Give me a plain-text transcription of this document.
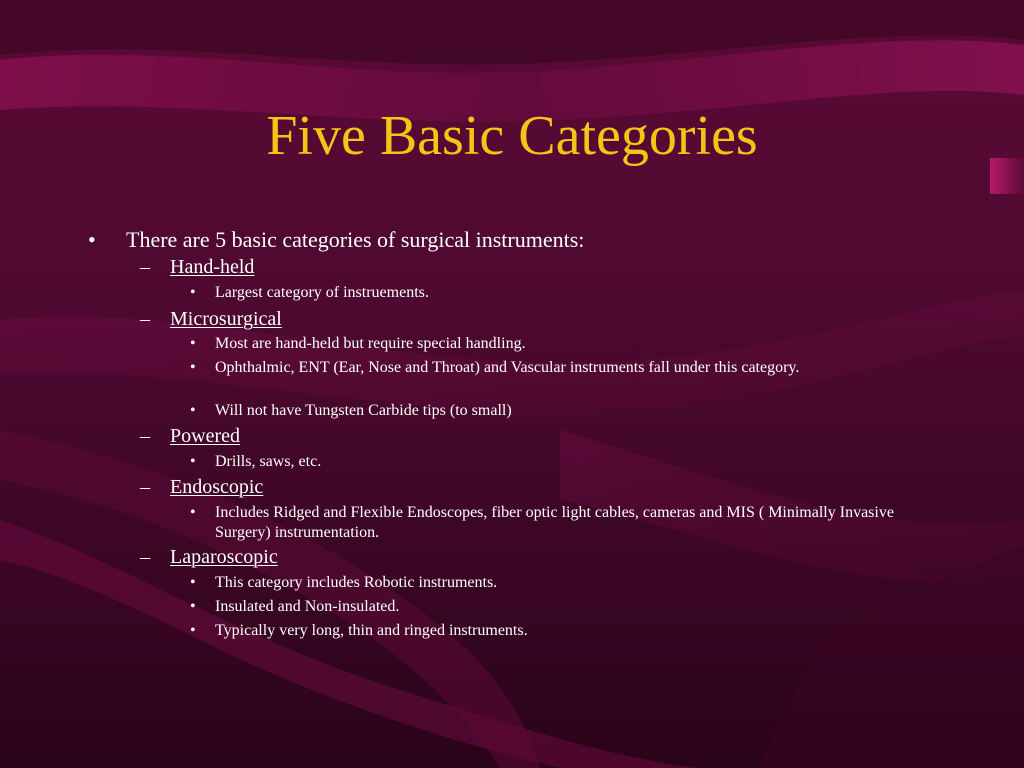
Five Basic Categories
• There are 5 basic categories of surgical instruments:
– Hand-held
• Largest category of instruements.
– Microsurgical
• Most are hand-held but require special handling.
• Ophthalmic, ENT (Ear, Nose and Throat) and Vascular instruments fall under this category.
• Will not have Tungsten Carbide tips (to small)
– Powered
• Drills, saws, etc.
– Endoscopic
• Includes Ridged and Flexible Endoscopes, fiber optic light cables, cameras and MIS ( Minimally Invasive Surgery) instrumentation.
– Laparoscopic
• This category includes Robotic instruments.
• Insulated and Non-insulated.
• Typically very long, thin and ringed instruments.
